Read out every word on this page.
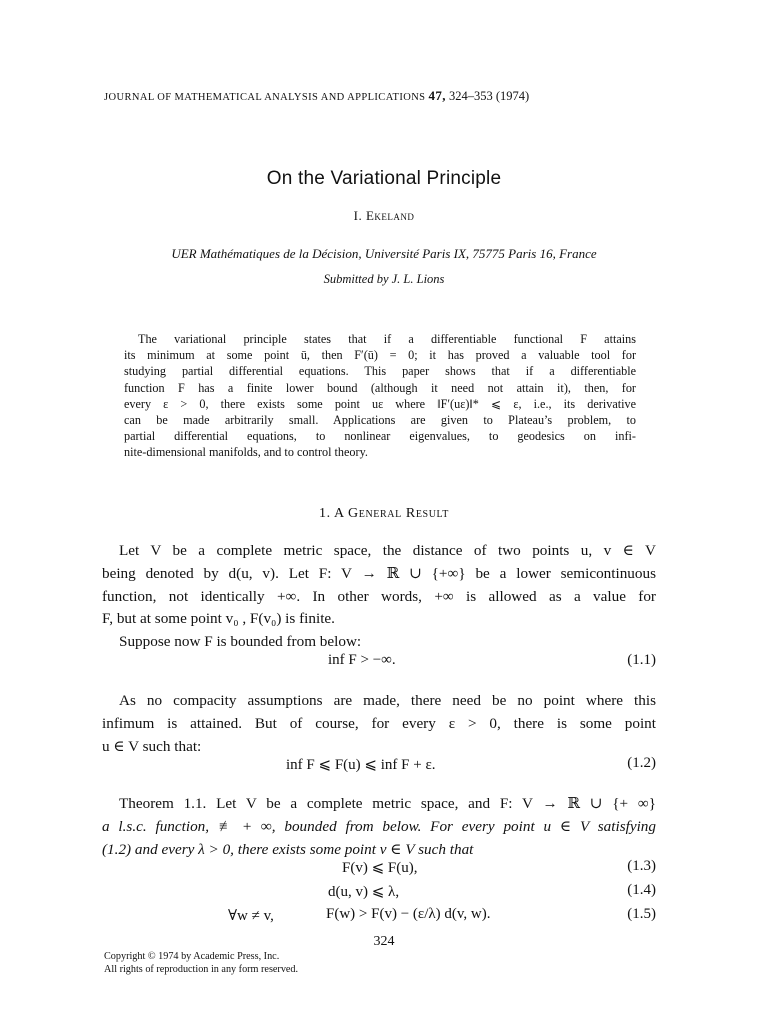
JOURNAL OF MATHEMATICAL ANALYSIS AND APPLICATIONS 47, 324–353 (1974)
On the Variational Principle
I. Ekeland
UER Mathématiques de la Décision, Université Paris IX, 75775 Paris 16, France
Submitted by J. L. Lions
The variational principle states that if a differentiable functional F attains
its minimum at some point ū, then F′(ū) = 0; it has proved a valuable tool for
studying partial differential equations. This paper shows that if a differentiable
function F has a finite lower bound (although it need not attain it), then, for
every ε > 0, there exists some point uε where ‖F′(uε)‖* ⩽ ε, i.e., its derivative
can be made arbitrarily small. Applications are given to Plateau’s problem, to
partial differential equations, to nonlinear eigenvalues, to geodesics on infi-
nite-dimensional manifolds, and to control theory.
1. A General Result
Let V be a complete metric space, the distance of two points u, v ∈ V
being denoted by d(u, v). Let F: V → ℝ ∪ {+∞} be a lower semicontinuous
function, not identically +∞. In other words, +∞ is allowed as a value for
F, but at some point v₀ , F(v₀) is finite.
Suppose now F is bounded from below:
inf F > −∞.	(1.1)
As no compacity assumptions are made, there need be no point where this
infimum is attained. But of course, for every ε > 0, there is some point
u ∈ V such that:
inf F ⩽ F(u) ⩽ inf F + ε.	(1.2)
Theorem 1.1. Let V be a complete metric space, and F: V → ℝ ∪ {+ ∞}
a l.s.c. function, ≢ + ∞, bounded from below. For every point u ∈ V satisfying
(1.2) and every λ > 0, there exists some point v ∈ V such that
F(v) ⩽ F(u),	(1.3)
d(u, v) ⩽ λ,	(1.4)
∀w ≠ v,	F(w) > F(v) − (ε/λ) d(v, w).	(1.5)
324
Copyright © 1974 by Academic Press, Inc.
All rights of reproduction in any form reserved.
